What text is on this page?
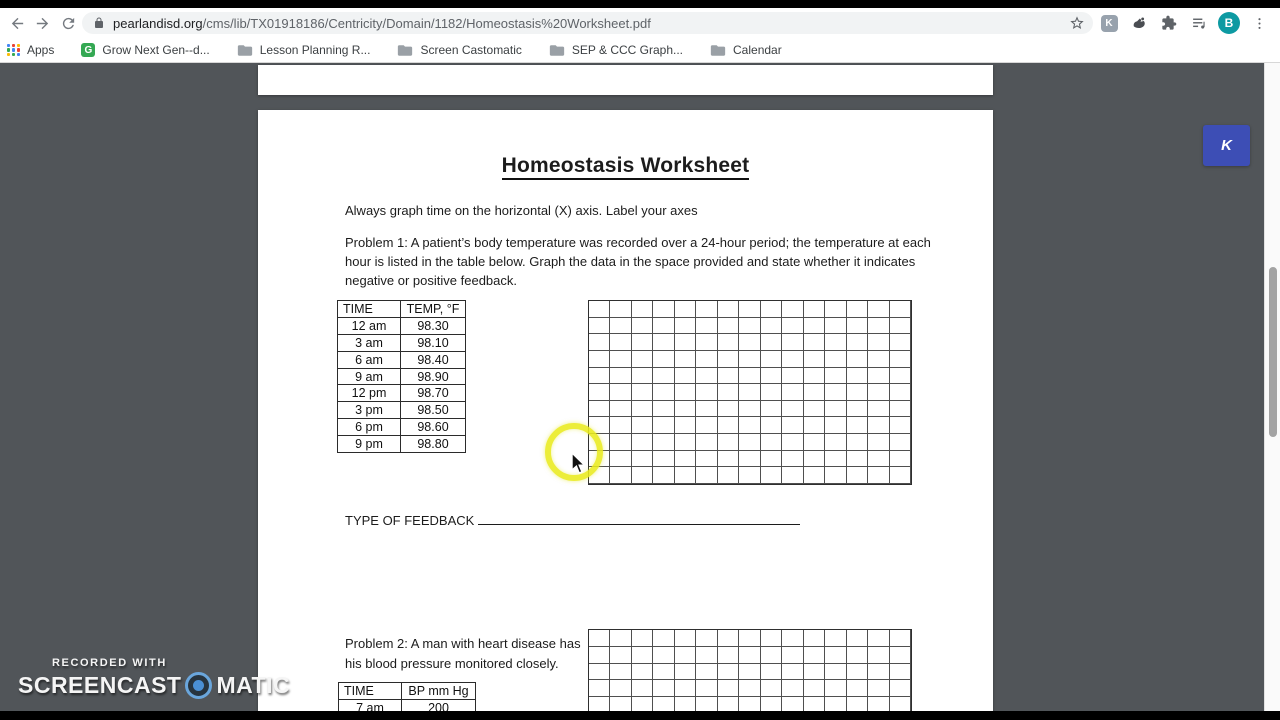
pearlandisd.org/cms/lib/TX01918186/Centricity/Domain/1182/Homeostasis%20Worksheet.pdf	K	B
Apps	G Grow Next Gen--d...	Lesson Planning R...	Screen Castomatic	SEP & CCC Graph...	Calendar
Homeostasis Worksheet
Always graph time on the horizontal (X) axis. Label your axes
Problem 1: A patient’s body temperature was recorded over a 24-hour period; the temperature at each
hour is listed in the table below. Graph the data in the space provided and state whether it indicates
negative or positive feedback.
TIME	TEMP, °F
12 am	98.30
3 am	98.10
6 am	98.40
9 am	98.90
12 pm	98.70
3 pm	98.50
6 pm	98.60
9 pm	98.80
TYPE OF FEEDBACK
Problem 2: A man with heart disease has
his blood pressure monitored closely.
TIME	BP mm Hg
7 am	200
K
RECORDED WITH
SCREENCAST MATIC
